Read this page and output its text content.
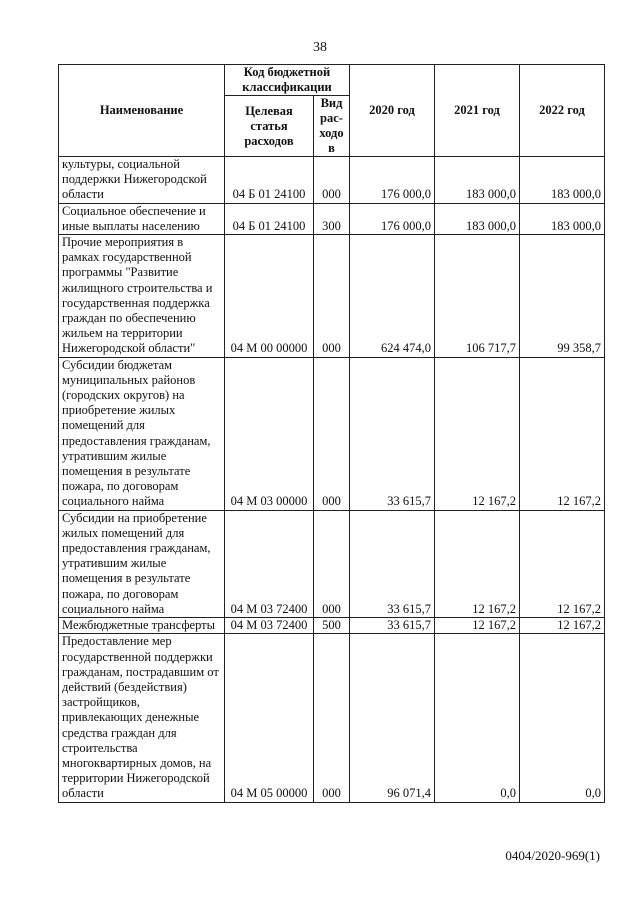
38
Наименование	Код бюджетной классификации		2020 год	2021 год	2022 год
	Целевая статья расходов	Вид рас-ходов			
культуры, социальной поддержки Нижегородской области	04 Б 01 24100	000	176 000,0	183 000,0	183 000,0
Социальное обеспечение и иные выплаты населению	04 Б 01 24100	300	176 000,0	183 000,0	183 000,0
Прочие мероприятия в рамках государственной программы "Развитие жилищного строительства и государственная поддержка граждан по обеспечению жильем на территории Нижегородской области"	04 М 00 00000	000	624 474,0	106 717,7	99 358,7
Субсидии бюджетам муниципальных районов (городских округов) на приобретение жилых помещений для предоставления гражданам, утратившим жилые помещения в результате пожара, по договорам социального найма	04 М 03 00000	000	33 615,7	12 167,2	12 167,2
Субсидии на приобретение жилых помещений для предоставления гражданам, утратившим жилые помещения в результате пожара, по договорам социального найма	04 М 03 72400	000	33 615,7	12 167,2	12 167,2
Межбюджетные трансферты	04 М 03 72400	500	33 615,7	12 167,2	12 167,2
Предоставление мер государственной поддержки гражданам, пострадавшим от действий (бездействия) застройщиков, привлекающих денежные средства граждан для строительства многоквартирных домов, на территории Нижегородской области	04 М 05 00000	000	96 071,4	0,0	0,0
0404/2020-969(1)
